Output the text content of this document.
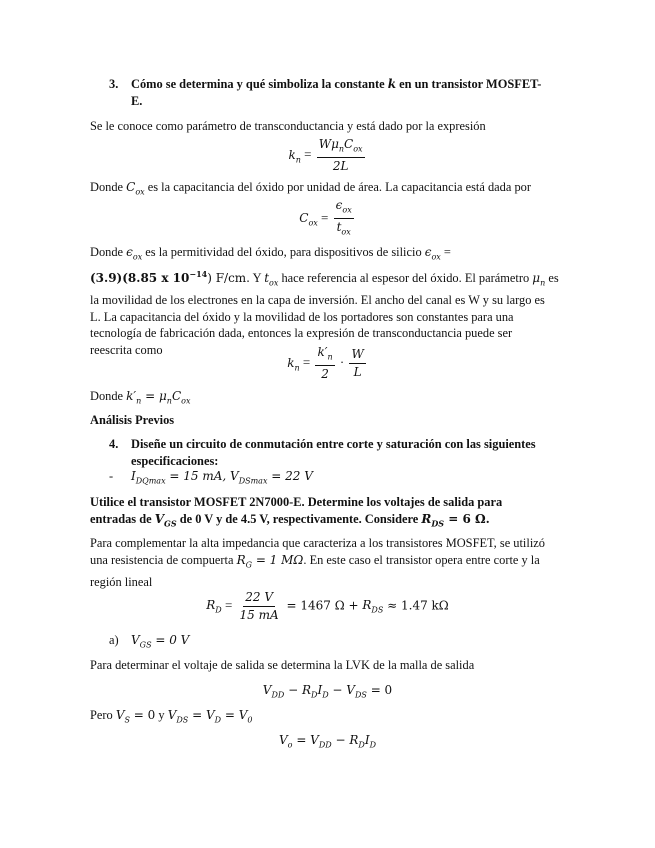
3. Cómo se determina y qué simboliza la constante k en un transistor MOSFET-
E.

Se le conoce como parámetro de transconductancia y está dado por la expresión

$k_n = \frac{W\mu_nC_{ox}}{2L}$

Donde $C_{ox}$ es la capacitancia del óxido por unidad de área. La capacitancia está dada por

$C_{ox} = \frac{\epsilon_{ox}}{t_{ox}}$
Donde $\epsilon_{ox}$ es la permitividad del óxido, para dispositivos de silicio $\epsilon_{ox}$ =
(3.9)(8.85 x $10^{-14}$) F/cm. Y $t_{ox}$ hace referencia al espesor del óxido. El parámetro $\mu_n$ es
la movilidad de los electrones en la capa de inversión. El ancho del canal es W y su largo es
L. La capacitancia del óxido y la movilidad de los portadores son constantes para una
tecnología de fabricación dada, entonces la expresión de transconductancia puede ser
reescrita como
$k_n = \frac{k'_n}{2} \cdot \frac{W}{L}$

Donde $k'_n = \mu_nC_{ox}$

Análisis Previos

4. Diseñe un circuito de conmutación entre corte y saturación con las siguientes
especificaciones:
- $I_{DQmax} = 15$ mA, $V_{DSmax} = 22$ V
Utilice el transistor MOSFET 2N7000-E. Determine los voltajes de salida para
entradas de $V_{GS}$ de 0 V y de 4.5 V, respectivamente. Considere $R_{DS} = 6$ Ω.
Para complementar la alta impedancia que caracteriza a los transistores MOSFET, se utilizó
una resistencia de compuerta $R_G = 1$ MΩ. En este caso el transistor opera entre corte y la
región lineal
$R_D = \frac{22 V}{15 mA} = 1467$ $\Omega + R_{DS} \approx 1.47$ kΩ
a) $V_{GS} = 0$ V

Para determinar el voltaje de salida se determina la LVK de la malla de salida

$V_{DD} - R_DI_D - V_{DS} = 0$

Pero $V_S = 0$ y $V_{DS} = V_D = V_0$

$V_o = V_{DD} - R_DI_D$
